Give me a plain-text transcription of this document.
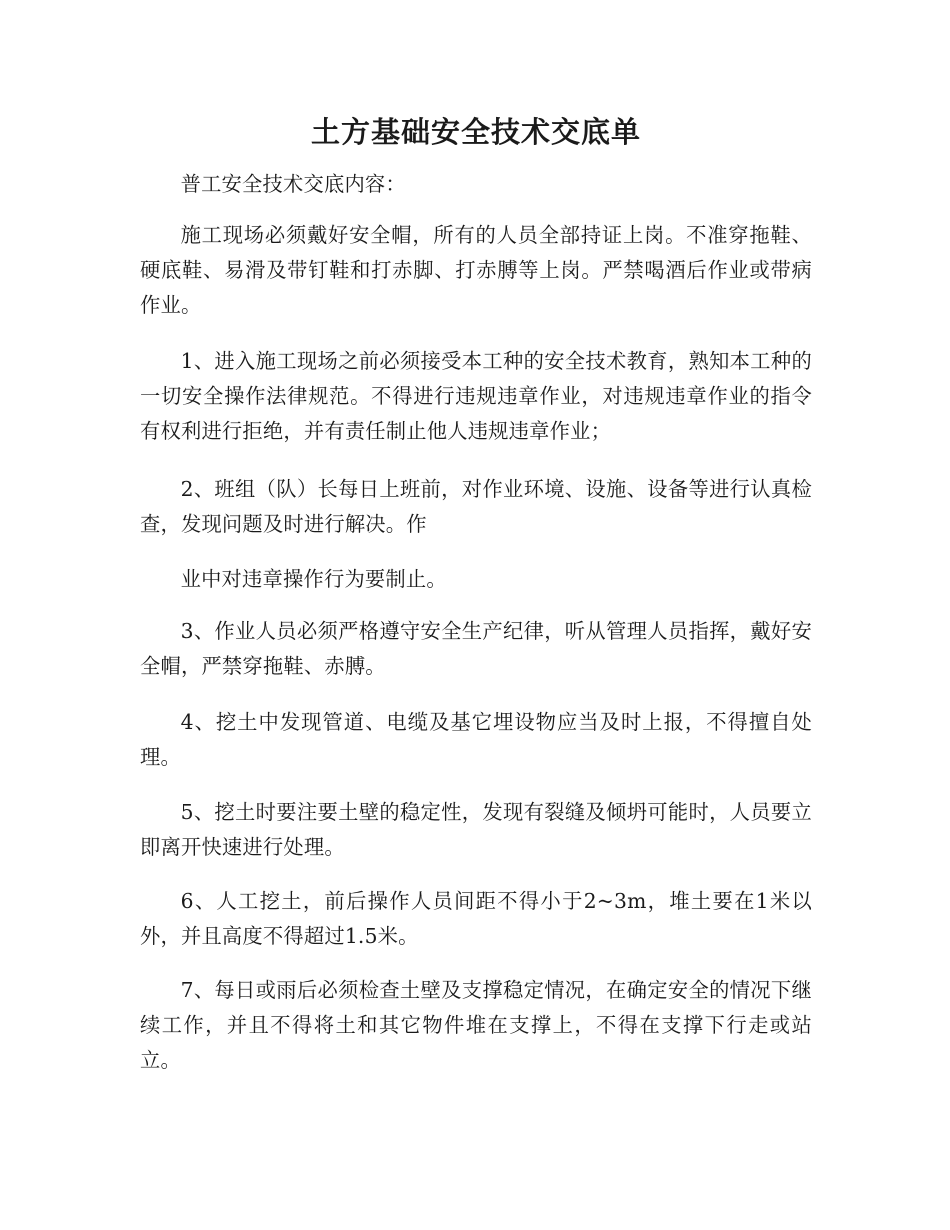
土方基础安全技术交底单

普工安全技术交底内容：

施工现场必须戴好安全帽，所有的人员全部持证上岗。不准穿拖鞋、硬底鞋、易滑及带钉鞋和打赤脚、打赤膊等上岗。严禁喝酒后作业或带病作业。

1、进入施工现场之前必须接受本工种的安全技术教育，熟知本工种的一切安全操作法律规范。不得进行违规违章作业，对违规违章作业的指令有权利进行拒绝，并有责任制止他人违规违章作业；

2、班组（队）长每日上班前，对作业环境、设施、设备等进行认真检查，发现问题及时进行解决。作

业中对违章操作行为要制止。

3、作业人员必须严格遵守安全生产纪律，听从管理人员指挥，戴好安全帽，严禁穿拖鞋、赤膊。

4、挖土中发现管道、电缆及基它埋设物应当及时上报，不得擅自处理。

5、挖土时要注要土壁的稳定性，发现有裂缝及倾坍可能时，人员要立即离开快速进行处理。

6、人工挖土，前后操作人员间距不得小于2~3m，堆土要在1米以外，并且高度不得超过1.5米。

7、每日或雨后必须检查土壁及支撑稳定情况，在确定安全的情况下继续工作，并且不得将土和其它物件堆在支撑上，不得在支撑下行走或站立。
